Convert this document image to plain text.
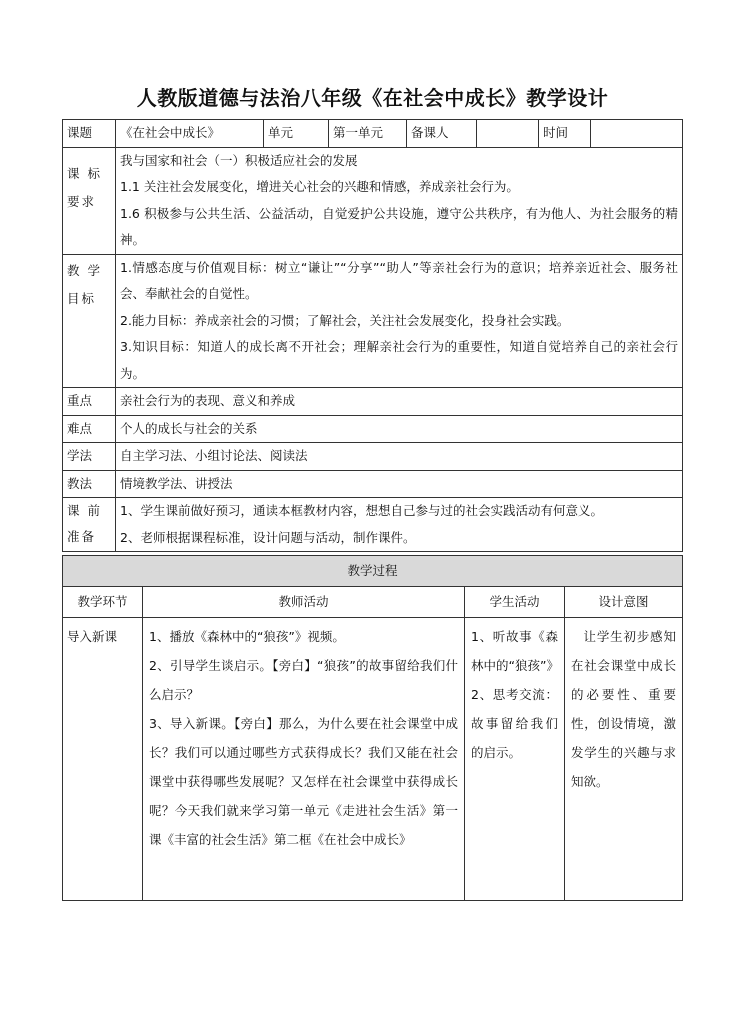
人教版道德与法治八年级《在社会中成长》教学设计
课题	《在社会中成长》	单元	第一单元	备课人		时间	
课 标
要求	我与国家和社会（一）积极适应社会的发展
1.1 关注社会发展变化，增进关心社会的兴趣和情感，养成亲社会行为。
1.6 积极参与公共生活、公益活动，自觉爱护公共设施，遵守公共秩序，有为他人、为社会服务的精神。						

教 学
目标	1.情感态度与价值观目标：树立“谦让”“分享”“助人”等亲社会行为的意识；培养亲近社会、服务社会、奉献社会的自觉性。
2.能力目标：养成亲社会的习惯；了解社会，关注社会发展变化，投身社会实践。
3.知识目标：知道人的成长离不开社会；理解亲社会行为的重要性，知道自觉培养自己的亲社会行为。						

重点	亲社会行为的表现、意义和养成						
难点	个人的成长与社会的关系						
学法	自主学习法、小组讨论法、阅读法						
教法	情境教学法、讲授法						
课 前
准备	1、学生课前做好预习，通读本框教材内容，想想自己参与过的社会实践活动有何意义。
2、老师根据课程标准，设计问题与活动，制作课件。						
教学过程			
教学环节	教师活动	学生活动	设计意图
导入新课	1、播放《森林中的“狼孩”》视频。
2、引导学生谈启示。【旁白】“狼孩”的故事留给我们什么启示？
3、导入新课。【旁白】那么，为什么要在社会课堂中成长？我们可以通过哪些方式获得成长？我们又能在社会课堂中获得哪些发展呢？又怎样在社会课堂中获得成长呢？今天我们就来学习第一单元《走进社会生活》第一课《丰富的社会生活》第二框《在社会中成长》	1、听故事《森林中的“狼孩”》
2、思考交流：故事留给我们的启示。	让学生初步感知在社会课堂中成长的必要性、重要性，创设情境，激发学生的兴趣与求知欲。
